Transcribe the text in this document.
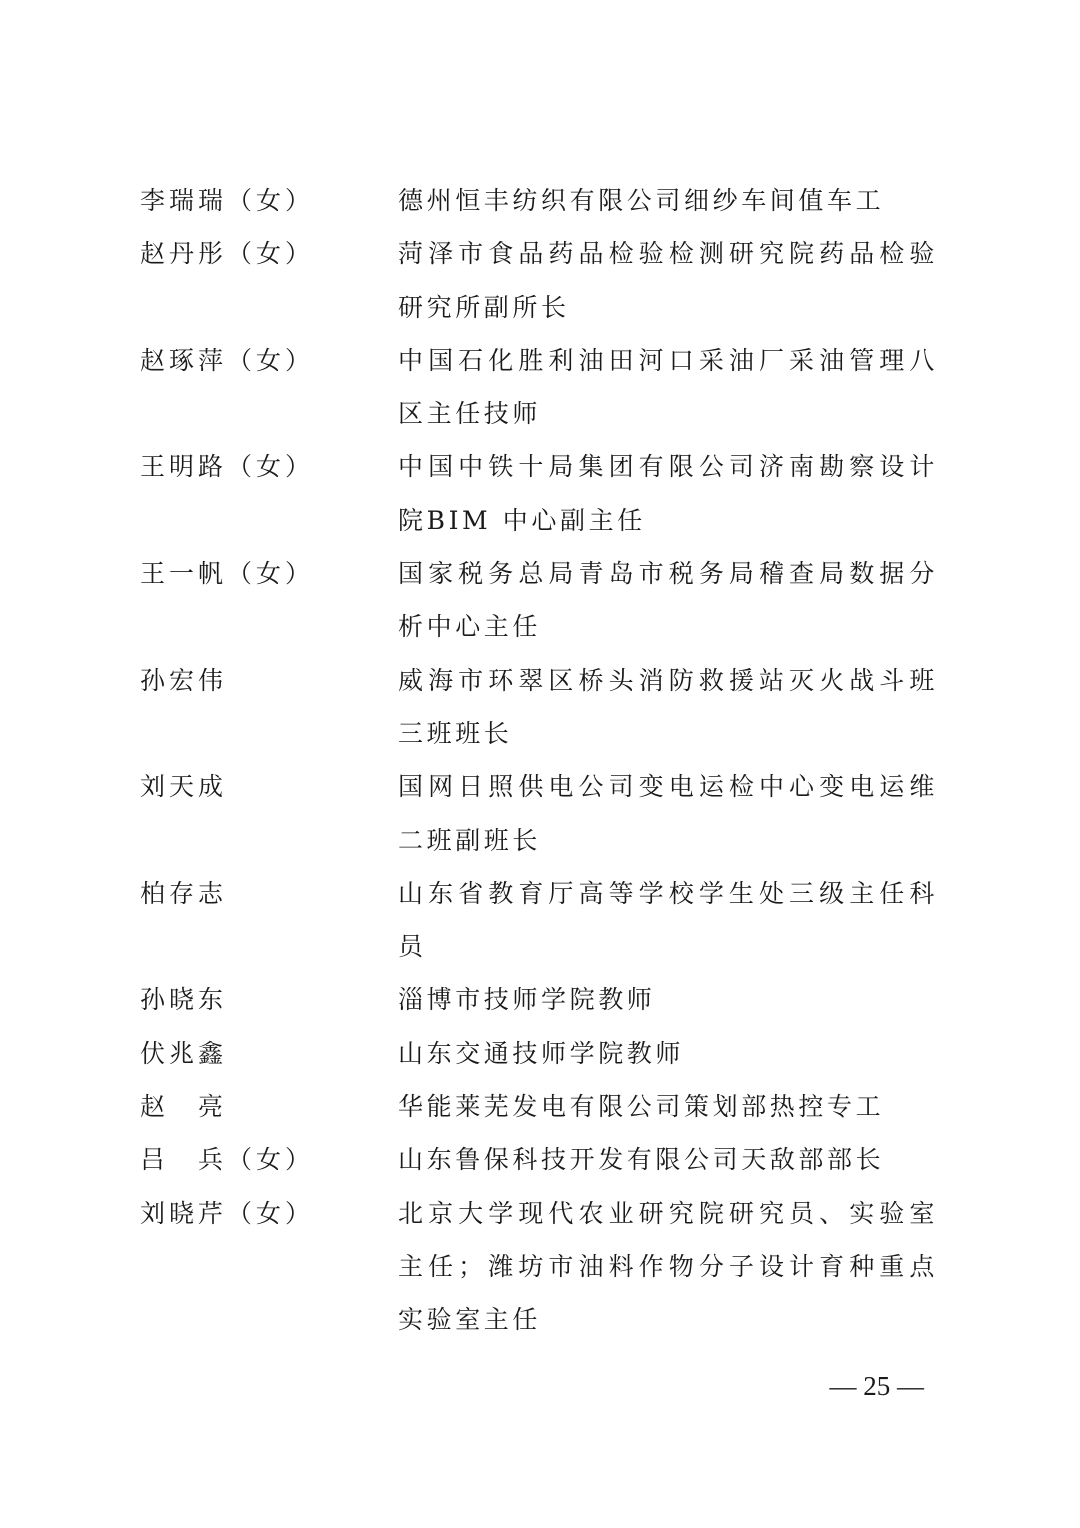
李瑞瑞（女）	德州恒丰纺织有限公司细纱车间值车工
赵丹彤（女）	菏泽市食品药品检验检测研究院药品检验研究所副所长
赵琢萍（女）	中国石化胜利油田河口采油厂采油管理八区主任技师
王明路（女）	中国中铁十局集团有限公司济南勘察设计院BIM 中心副主任
王一帆（女）	国家税务总局青岛市税务局稽查局数据分析中心主任
孙宏伟	威海市环翠区桥头消防救援站灭火战斗班三班班长
刘天成	国网日照供电公司变电运检中心变电运维二班副班长
柏存志	山东省教育厅高等学校学生处三级主任科员
孙晓东	淄博市技师学院教师
伏兆鑫	山东交通技师学院教师
赵　亮	华能莱芜发电有限公司策划部热控专工
吕　兵（女）	山东鲁保科技开发有限公司天敌部部长
刘晓芹（女）	北京大学现代农业研究院研究员、实验室主任；潍坊市油料作物分子设计育种重点实验室主任
— 25 —
